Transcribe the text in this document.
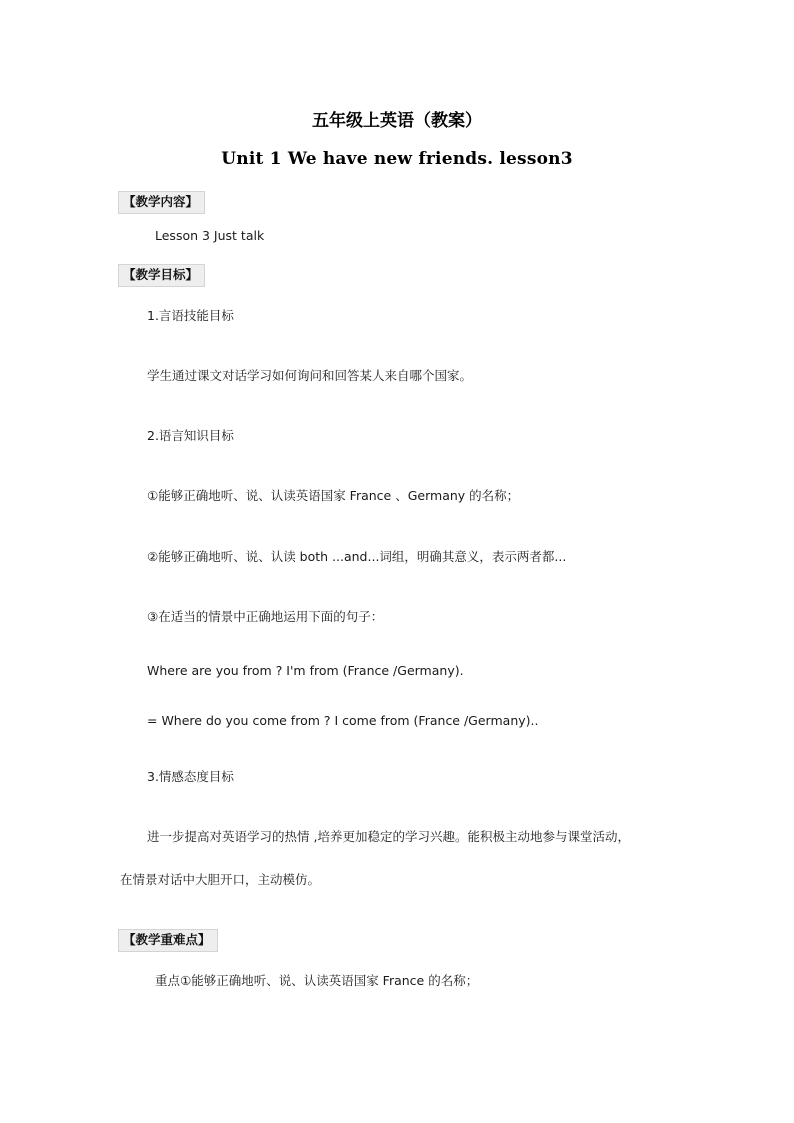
五年级上英语（教案）
Unit 1 We have new friends. lesson3
【教学内容】

Lesson 3 Just talk

【教学目标】

1.言语技能目标

学生通过课文对话学习如何询问和回答某人来自哪个国家。

2.语言知识目标

①能够正确地听、说、认读英语国家 France 、Germany 的名称；

②能够正确地听、说、认读 both ...and...词组，明确其意义，表示两者都...

③在适当的情景中正确地运用下面的句子：

Where are you from ? I'm from (France /Germany).

= Where do you come from ? I come from (France /Germany)..

3.情感态度目标

进一步提高对英语学习的热情 ,培养更加稳定的学习兴趣。能积极主动地参与课堂活动，

在情景对话中大胆开口，主动模仿。

【教学重难点】

重点①能够正确地听、说、认读英语国家 France 的名称；
